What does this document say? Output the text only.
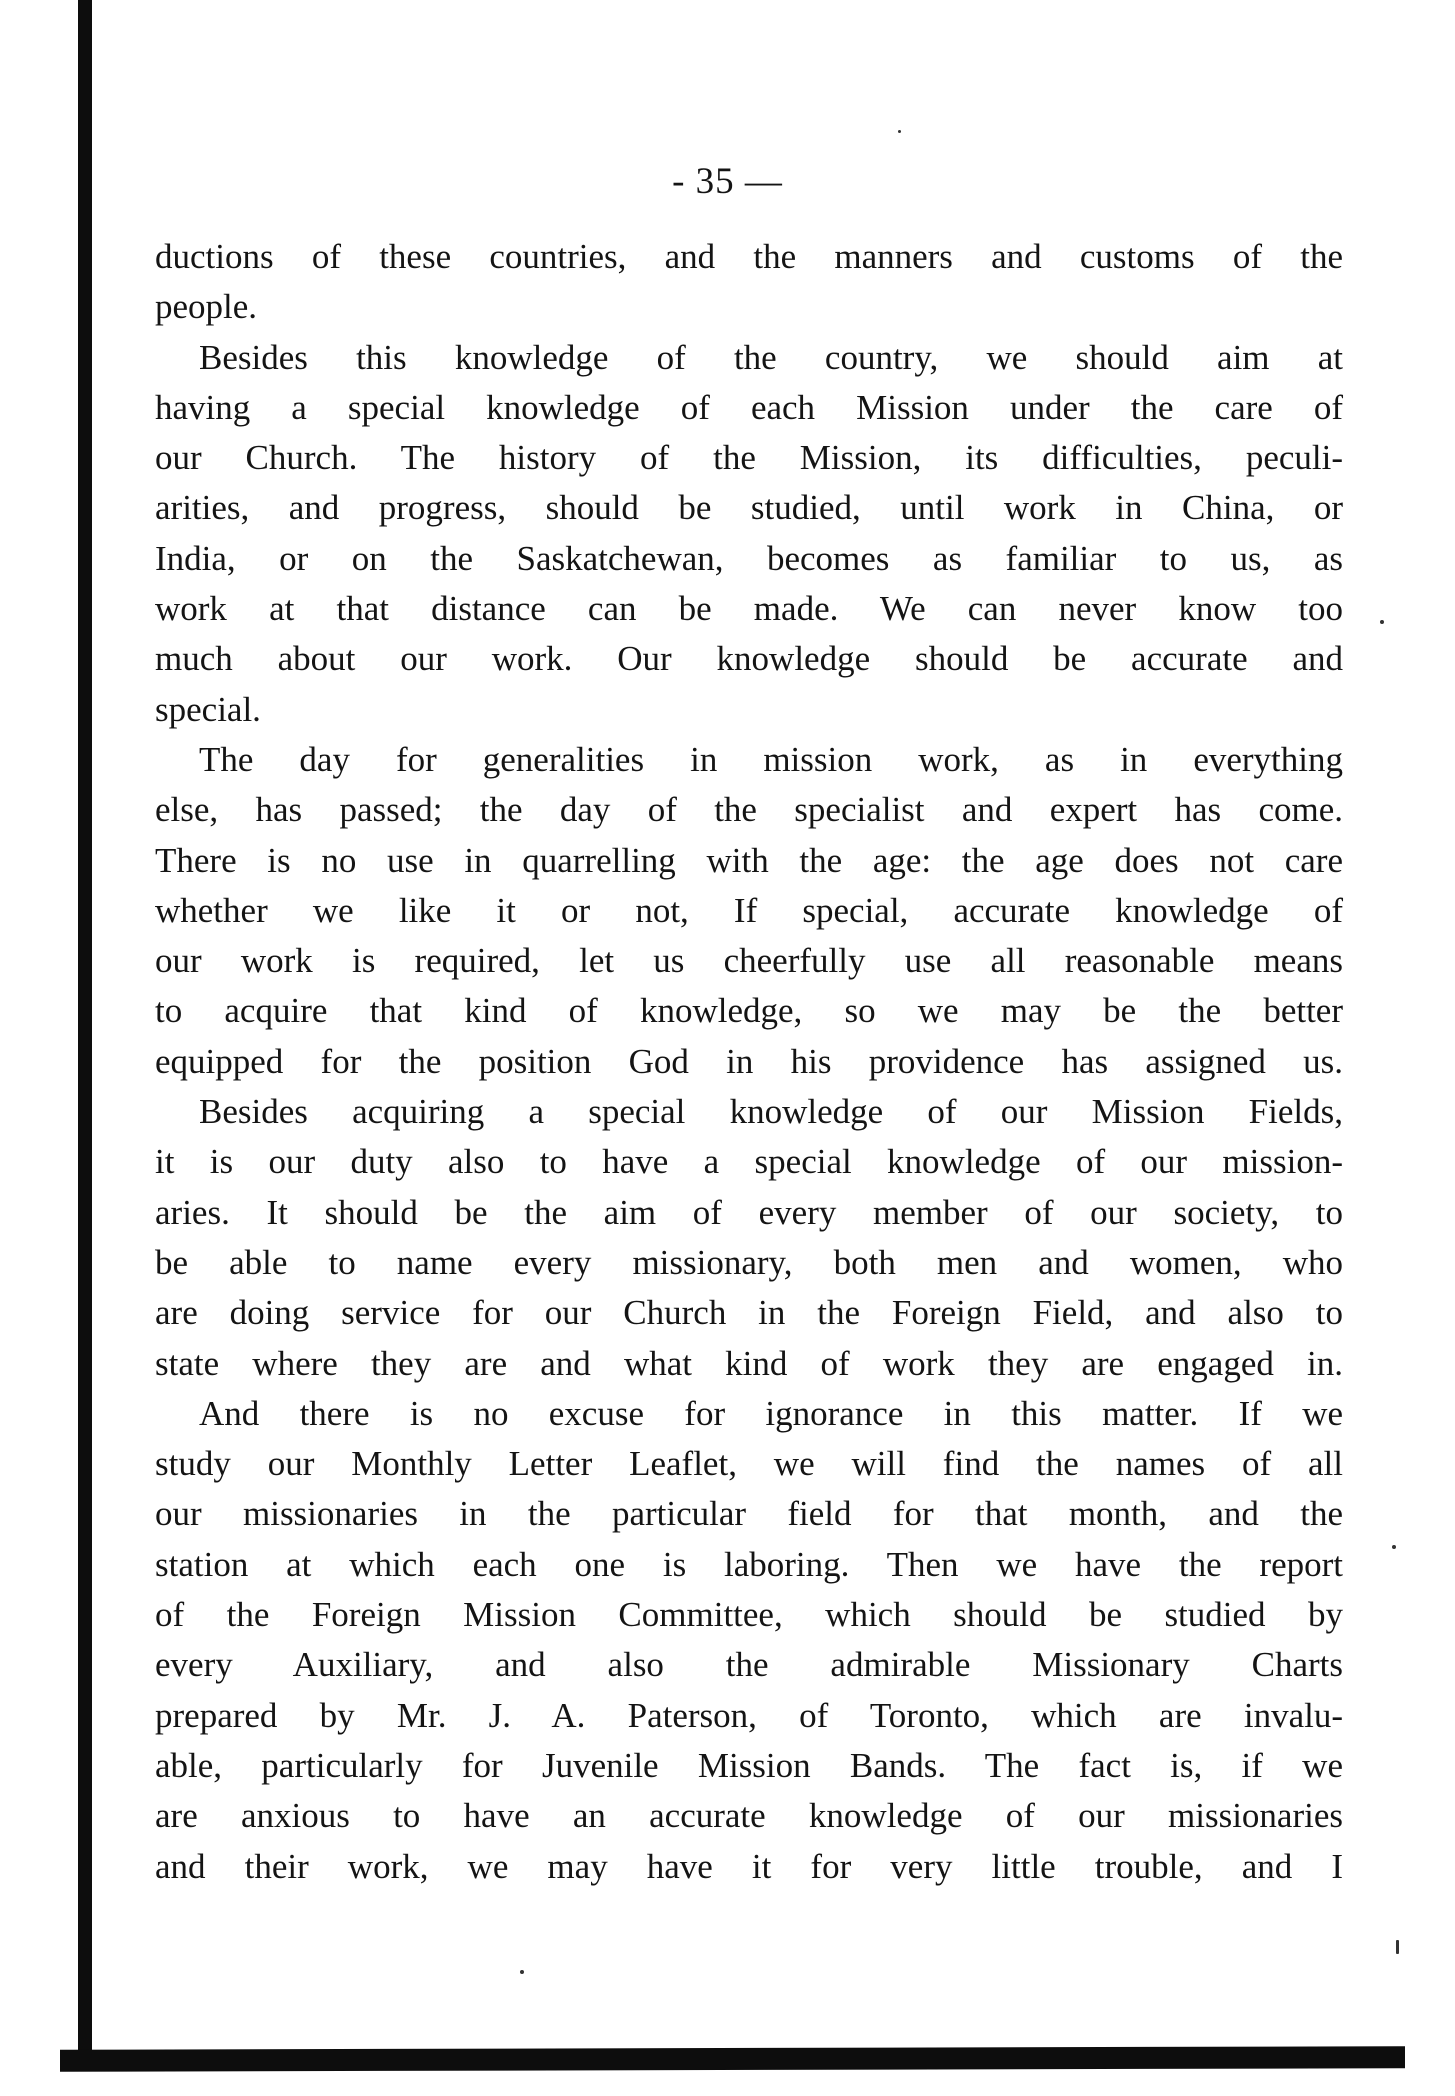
- 35 —
ductions of these countries, and the manners and customs of the
people.
Besides this knowledge of the country, we should aim at
having a special knowledge of each Mission under the care of
our Church. The history of the Mission, its difficulties, peculi-
arities, and progress, should be studied, until work in China, or
India, or on the Saskatchewan, becomes as familiar to us, as
work at that distance can be made. We can never know too
much about our work. Our knowledge should be accurate and
special.
The day for generalities in mission work, as in everything
else, has passed; the day of the specialist and expert has come.
There is no use in quarrelling with the age: the age does not care
whether we like it or not, If special, accurate knowledge of
our work is required, let us cheerfully use all reasonable means
to acquire that kind of knowledge, so we may be the better
equipped for the position God in his providence has assigned us.
Besides acquiring a special knowledge of our Mission Fields,
it is our duty also to have a special knowledge of our mission-
aries. It should be the aim of every member of our society, to
be able to name every missionary, both men and women, who
are doing service for our Church in the Foreign Field, and also to
state where they are and what kind of work they are engaged in.
And there is no excuse for ignorance in this matter. If we
study our Monthly Letter Leaflet, we will find the names of all
our missionaries in the particular field for that month, and the
station at which each one is laboring. Then we have the report
of the Foreign Mission Committee, which should be studied by
every Auxiliary, and also the admirable Missionary Charts
prepared by Mr. J. A. Paterson, of Toronto, which are invalu-
able, particularly for Juvenile Mission Bands. The fact is, if we
are anxious to have an accurate knowledge of our missionaries
and their work, we may have it for very little trouble, and I
